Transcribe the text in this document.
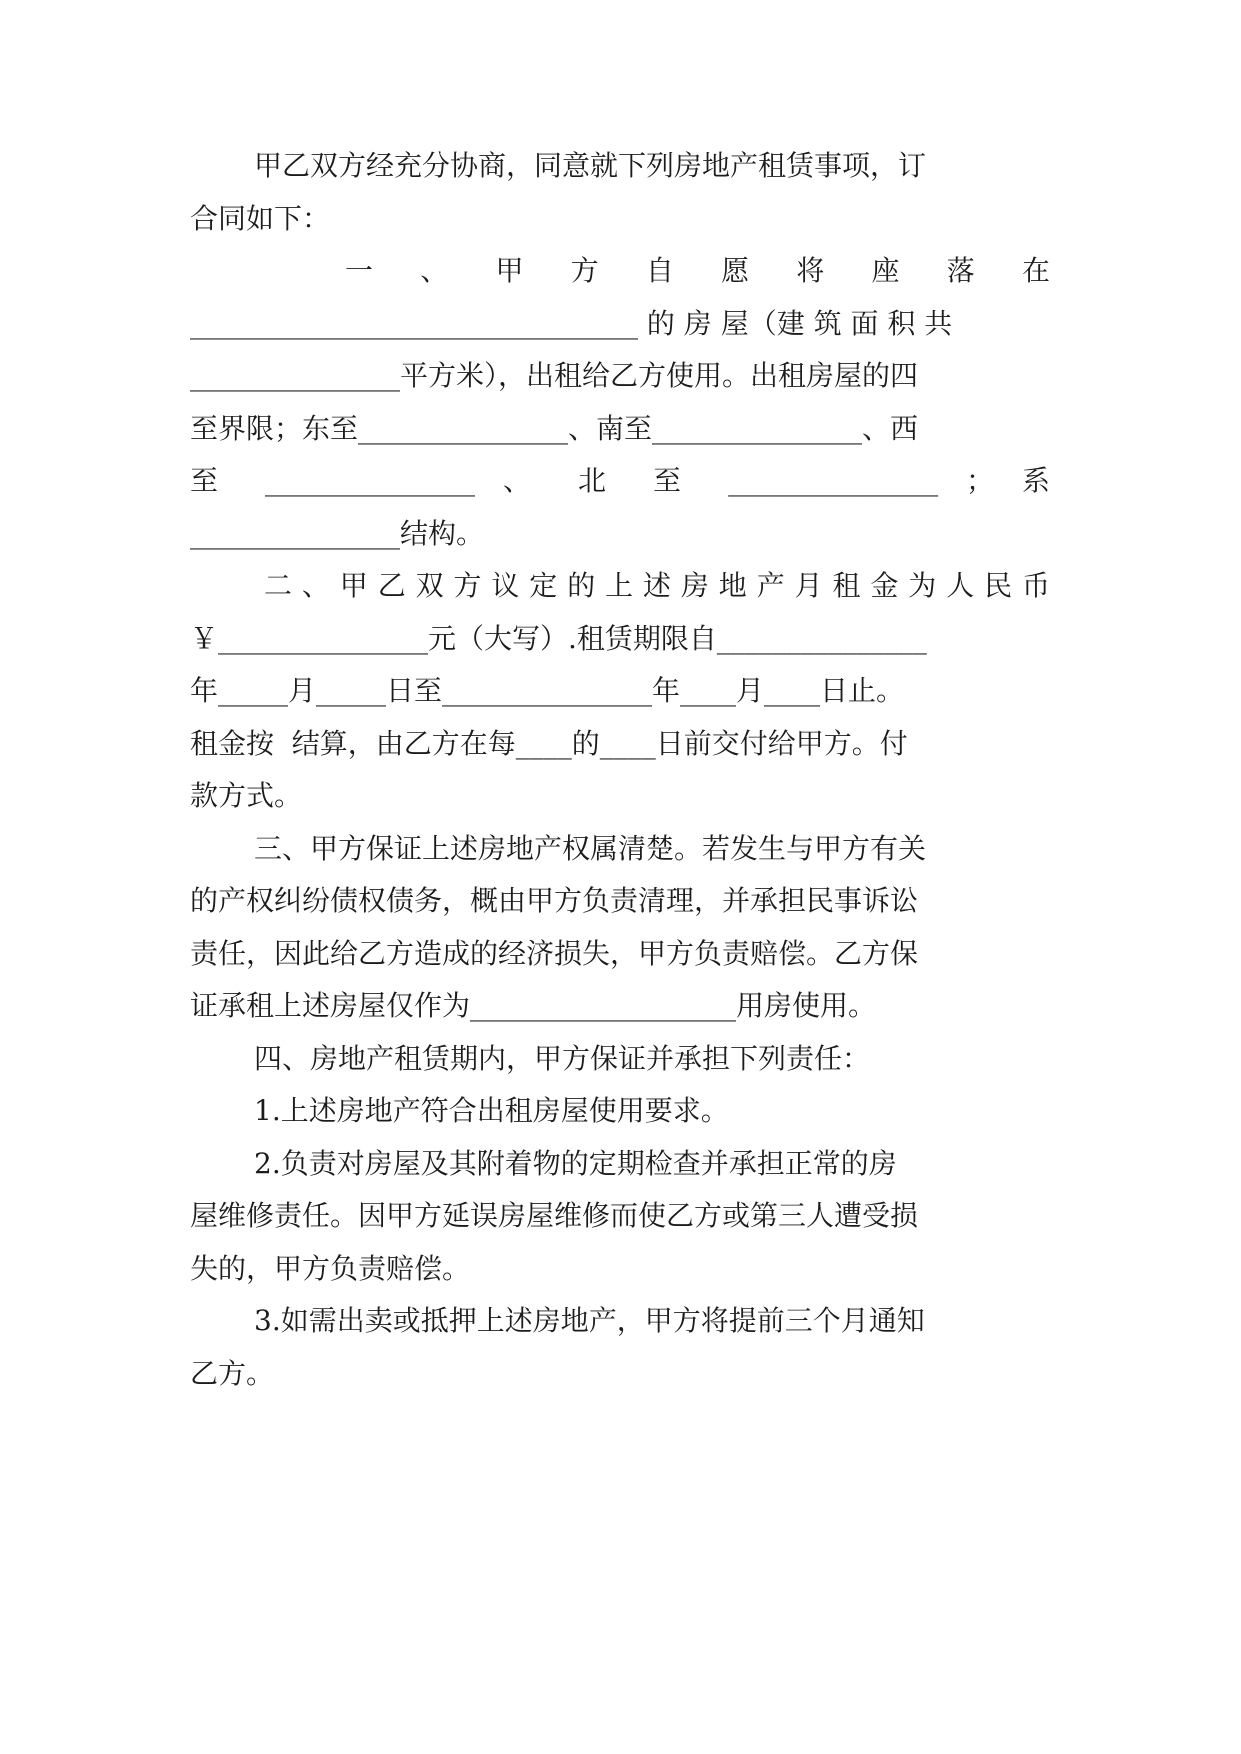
甲乙双方经充分协商，同意就下列房地产租赁事项，订
合同如下：
一 、 甲 方 自 愿 将 座 落 在
________________________________ 的 房 屋（建 筑 面 积 共
_______________平方米），出租给乙方使用。出租房屋的四
至界限；东至_______________、南至_______________、西
至 _______________ 、 北 至 _______________ ； 系
_______________结构。
二、甲乙双方议定的上述房地产月租金为人民币
￥_______________元（大写）.租赁期限自_______________
年_____月_____日至_______________年____月____日止。
租金按  结算，由乙方在每____的____日前交付给甲方。付
款方式。
三、甲方保证上述房地产权属清楚。若发生与甲方有关
的产权纠纷债权债务，概由甲方负责清理，并承担民事诉讼
责任，因此给乙方造成的经济损失，甲方负责赔偿。乙方保
证承租上述房屋仅作为___________________用房使用。
四、房地产租赁期内，甲方保证并承担下列责任：
1.上述房地产符合出租房屋使用要求。
2.负责对房屋及其附着物的定期检查并承担正常的房
屋维修责任。因甲方延误房屋维修而使乙方或第三人遭受损
失的，甲方负责赔偿。
3.如需出卖或抵押上述房地产，甲方将提前三个月通知
乙方。
